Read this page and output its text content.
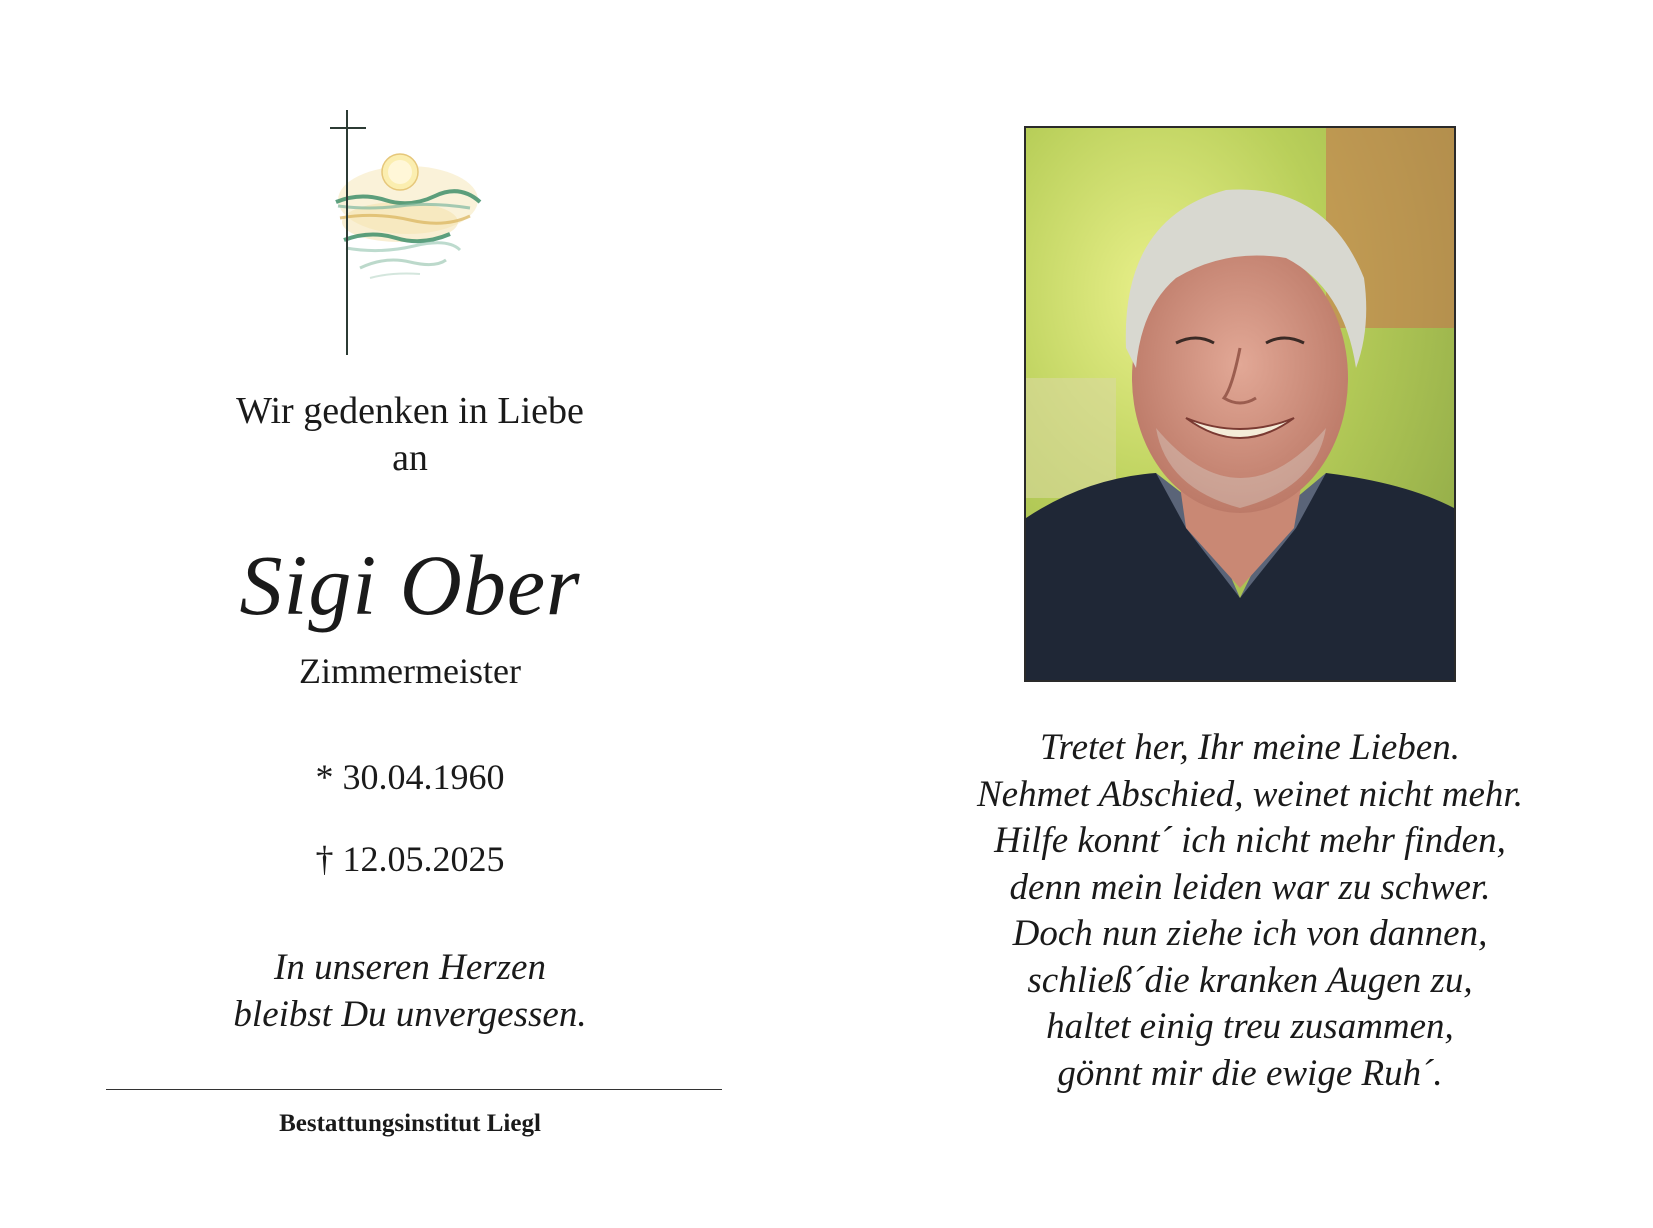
Wir gedenken in Liebe
an
Sigi Ober
Zimmermeister
* 30.04.1960
† 12.05.2025
In unseren Herzen
bleibst Du unvergessen.
Bestattungsinstitut Liegl
Tretet her, Ihr meine Lieben.
Nehmet Abschied, weinet nicht mehr.
Hilfe konnt´ ich nicht mehr finden,
denn mein leiden war zu schwer.
Doch nun ziehe ich von dannen,
schließ´die kranken Augen zu,
haltet einig treu zusammen,
gönnt mir die ewige Ruh´.
